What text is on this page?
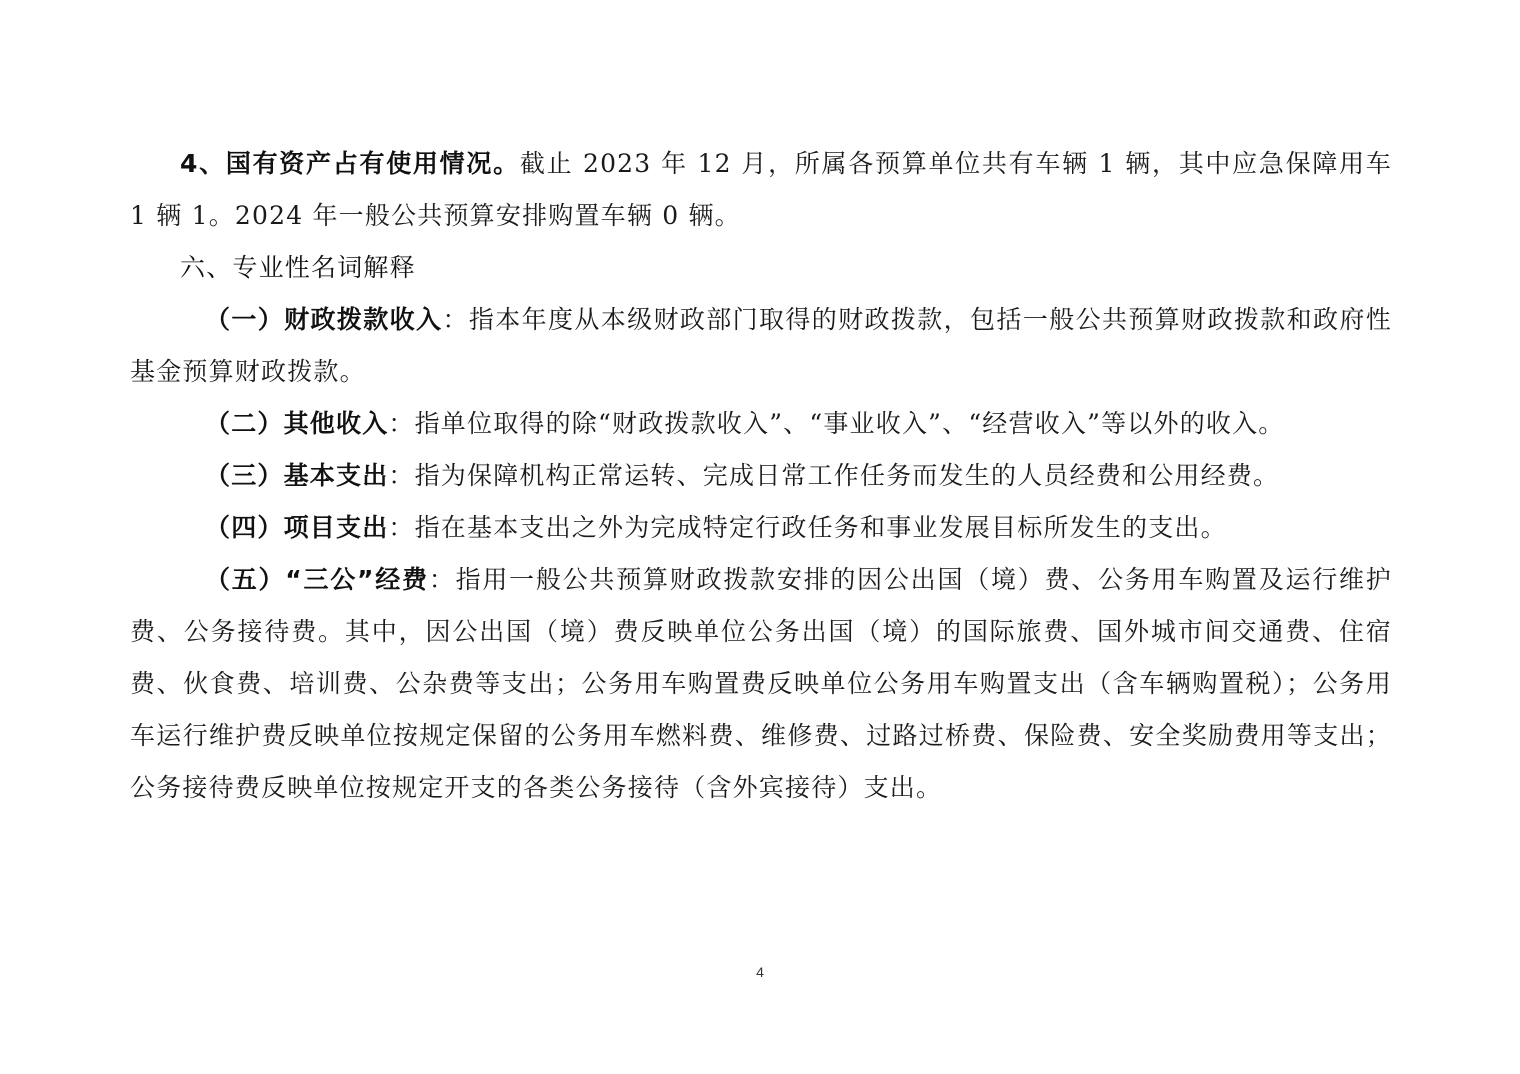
4、国有资产占有使用情况。截止 2023 年 12 月，所属各预算单位共有车辆 1 辆，其中应急保障用车 1 辆 1。2024 年一般公共预算安排购置车辆 0 辆。

六、专业性名词解释

（一）财政拨款收入：指本年度从本级财政部门取得的财政拨款，包括一般公共预算财政拨款和政府性基金预算财政拨款。

（二）其他收入：指单位取得的除“财政拨款收入”、“事业收入”、“经营收入”等以外的收入。

（三）基本支出：指为保障机构正常运转、完成日常工作任务而发生的人员经费和公用经费。

（四）项目支出：指在基本支出之外为完成特定行政任务和事业发展目标所发生的支出。

（五）“三公”经费：指用一般公共预算财政拨款安排的因公出国（境）费、公务用车购置及运行维护费、公务接待费。其中，因公出国（境）费反映单位公务出国（境）的国际旅费、国外城市间交通费、住宿费、伙食费、培训费、公杂费等支出；公务用车购置费反映单位公务用车购置支出（含车辆购置税）；公务用车运行维护费反映单位按规定保留的公务用车燃料费、维修费、过路过桥费、保险费、安全奖励费用等支出；公务接待费反映单位按规定开支的各类公务接待（含外宾接待）支出。

4
